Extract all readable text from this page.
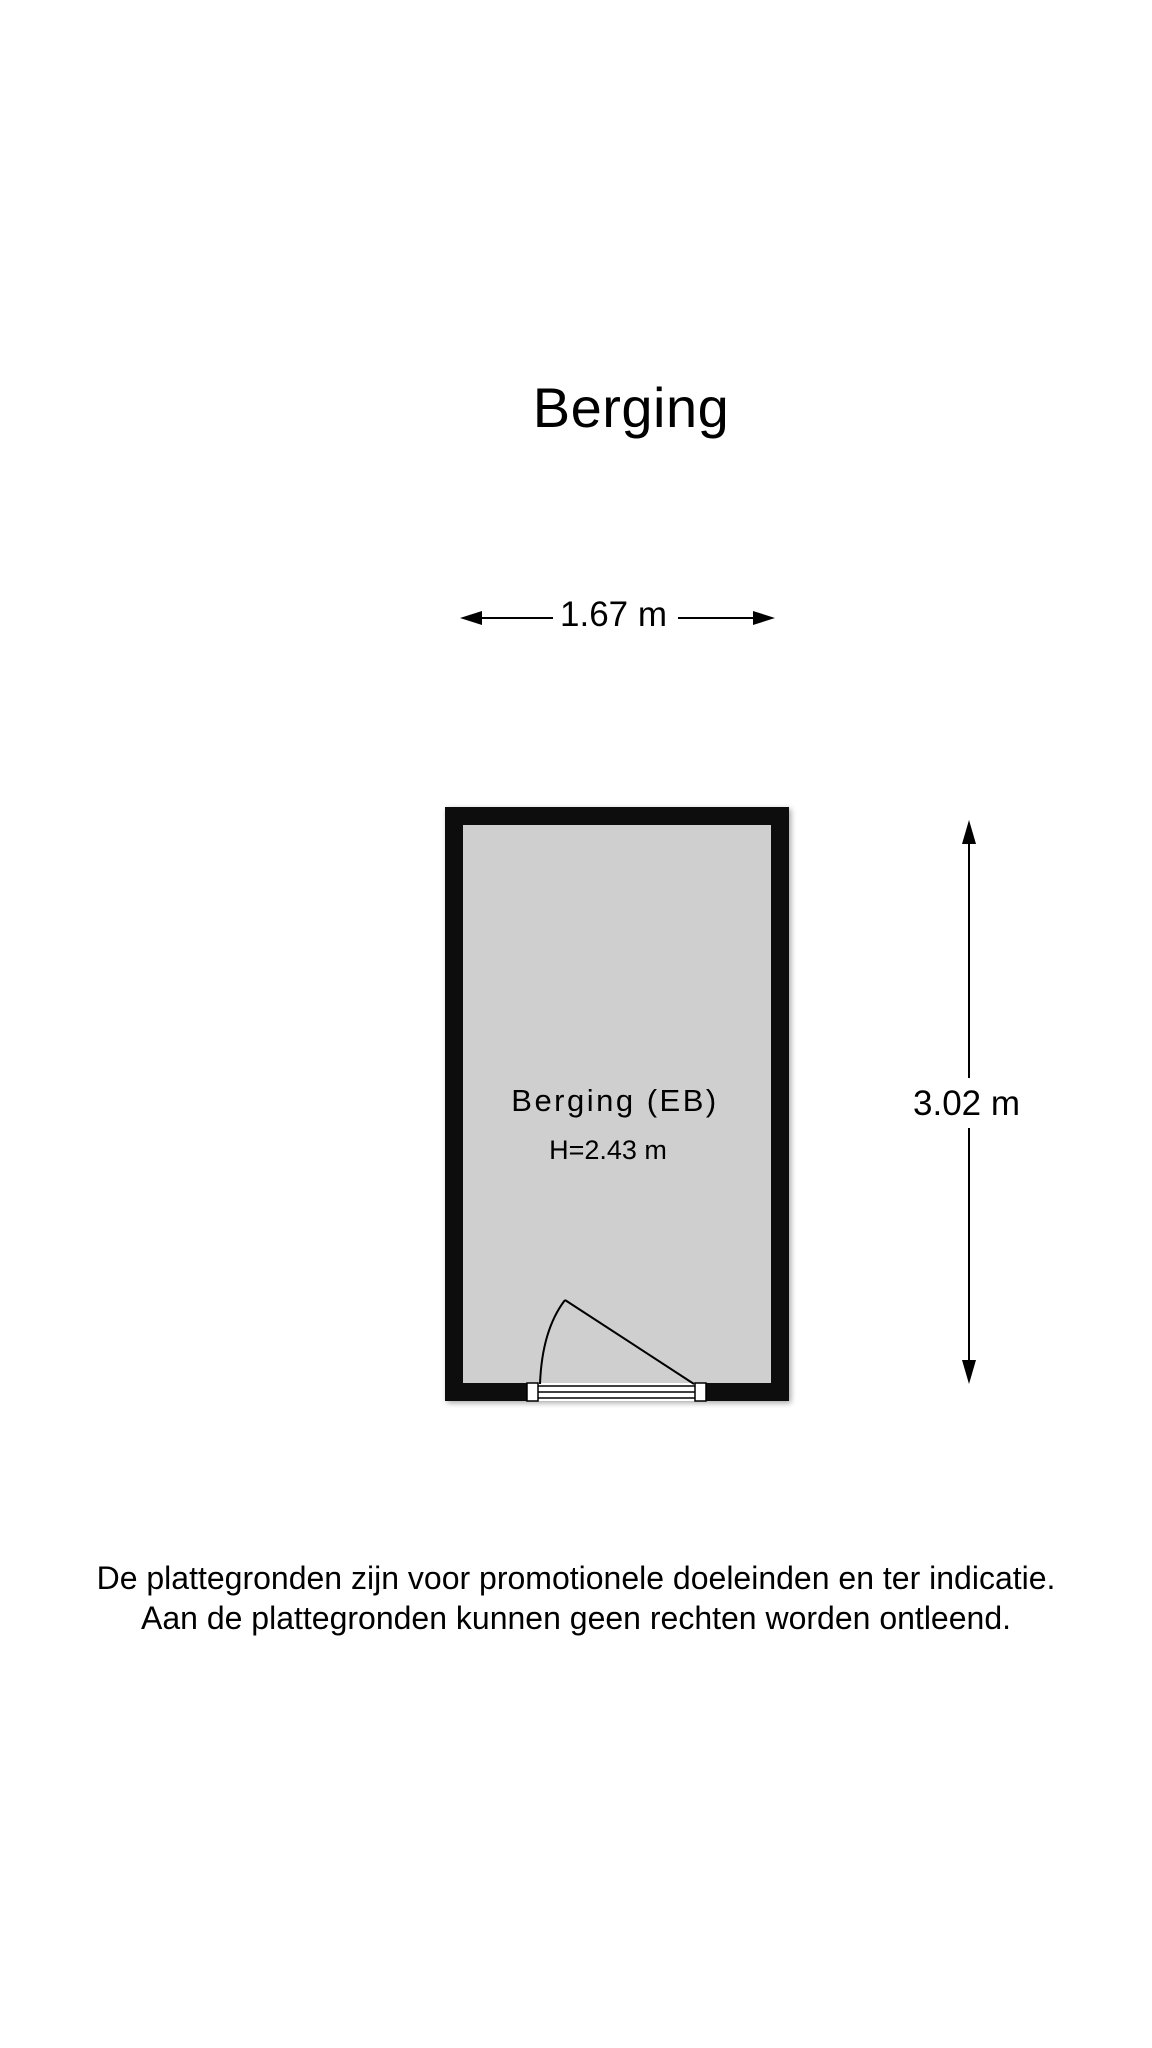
Berging
1.67 m
3.02 m
Berging (EB)
H=2.43 m
De plattegronden zijn voor promotionele doeleinden en ter indicatie.
Aan de plattegronden kunnen geen rechten worden ontleend.
